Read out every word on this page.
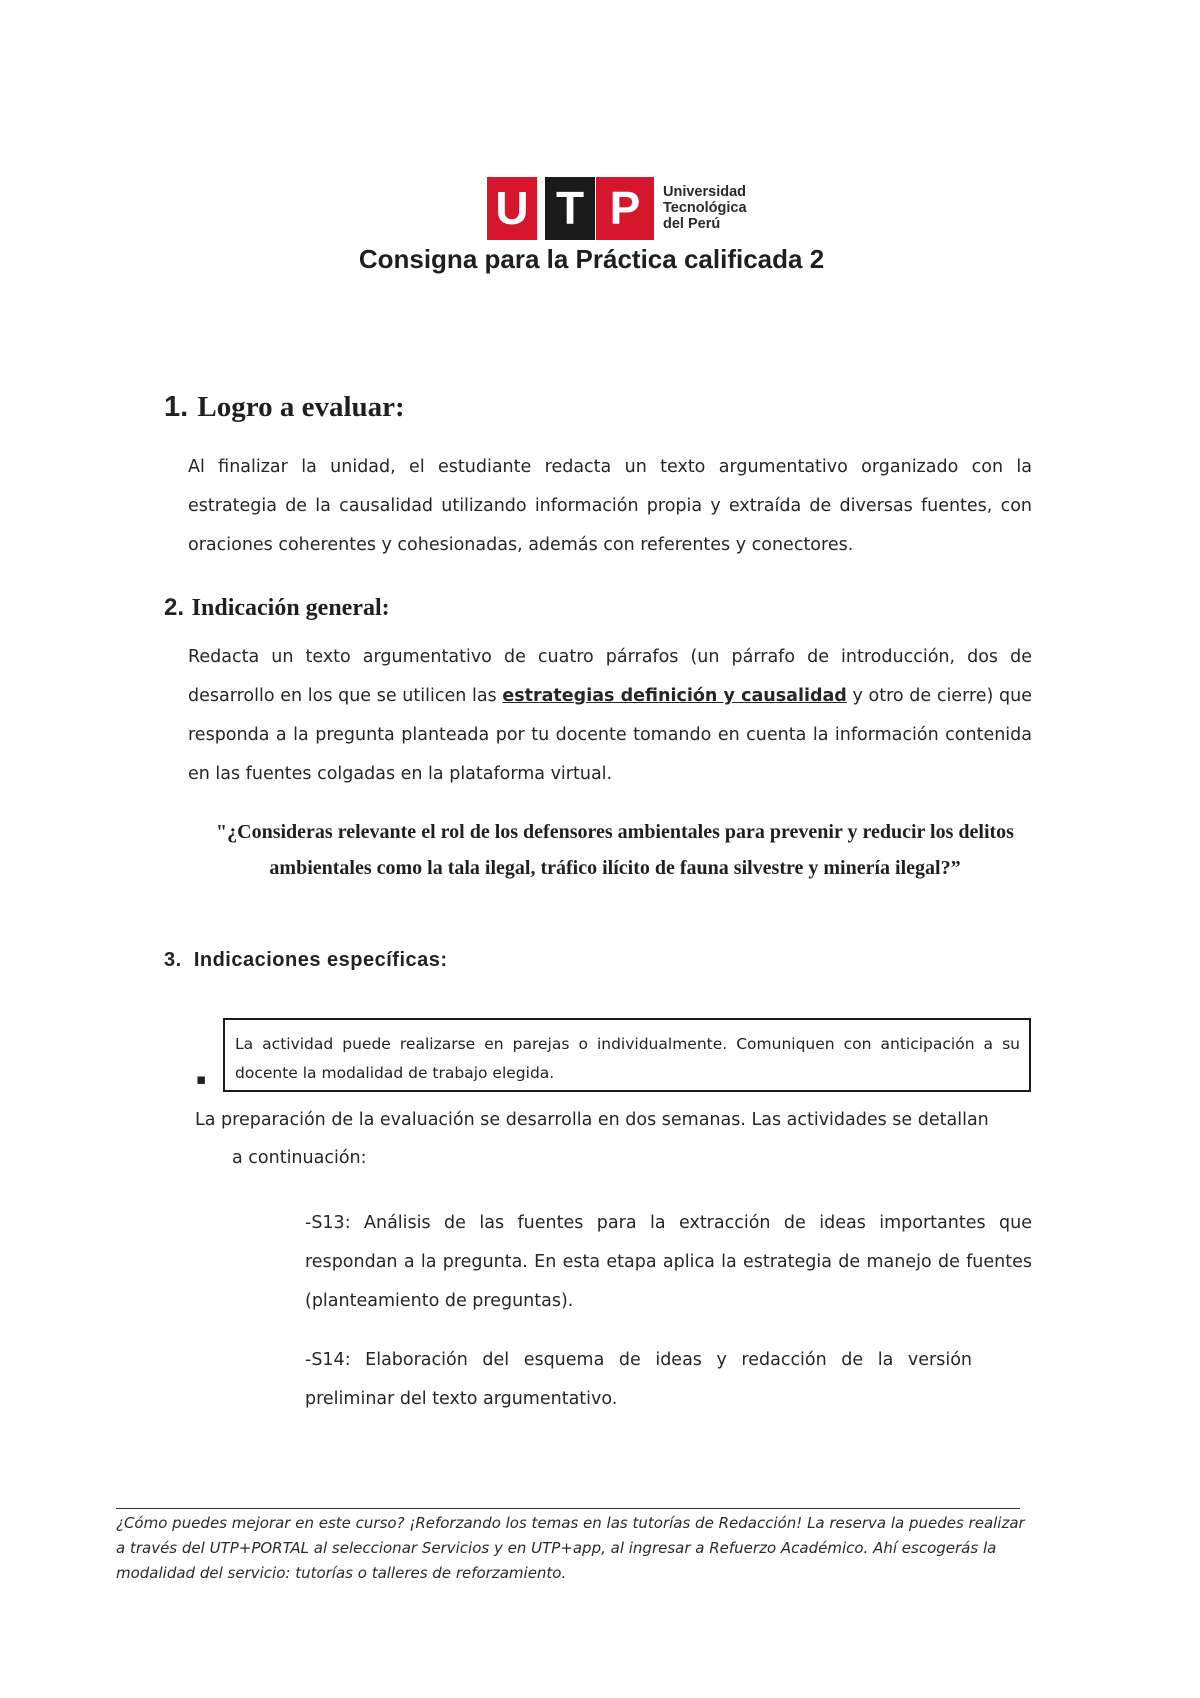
U T P	Universidad
Tecnológica
del Perú
Consigna para la Práctica calificada 2
1. Logro a evaluar:
Al finalizar la unidad, el estudiante redacta un texto argumentativo organizado con la estrategia de la causalidad utilizando información propia y extraída de diversas fuentes, con oraciones coherentes y cohesionadas, además con referentes y conectores.
2. Indicación general:
Redacta un texto argumentativo de cuatro párrafos (un párrafo de introducción, dos de desarrollo en los que se utilicen las estrategias definición y causalidad y otro de cierre) que responda a la pregunta planteada por tu docente tomando en cuenta la información contenida en las fuentes colgadas en la plataforma virtual.
"¿Consideras relevante el rol de los defensores ambientales para prevenir y reducir los delitos ambientales como la tala ilegal, tráfico ilícito de fauna silvestre y minería ilegal?”
3. Indicaciones específicas:
▪
La actividad puede realizarse en parejas o individualmente. Comuniquen con anticipación a su docente la modalidad de trabajo elegida.
La preparación de la evaluación se desarrolla en dos semanas. Las actividades se detallan
a continuación:
-S13: Análisis de las fuentes para la extracción de ideas importantes que respondan a la pregunta. En esta etapa aplica la estrategia de manejo de fuentes (planteamiento de preguntas).
-S14: Elaboración del esquema de ideas y redacción de la versión preliminar del texto argumentativo.
¿Cómo puedes mejorar en este curso? ¡Reforzando los temas en las tutorías de Redacción! La reserva la puedes realizar a través del UTP+PORTAL al seleccionar Servicios y en UTP+app, al ingresar a Refuerzo Académico. Ahí escogerás la modalidad del servicio: tutorías o talleres de reforzamiento.
